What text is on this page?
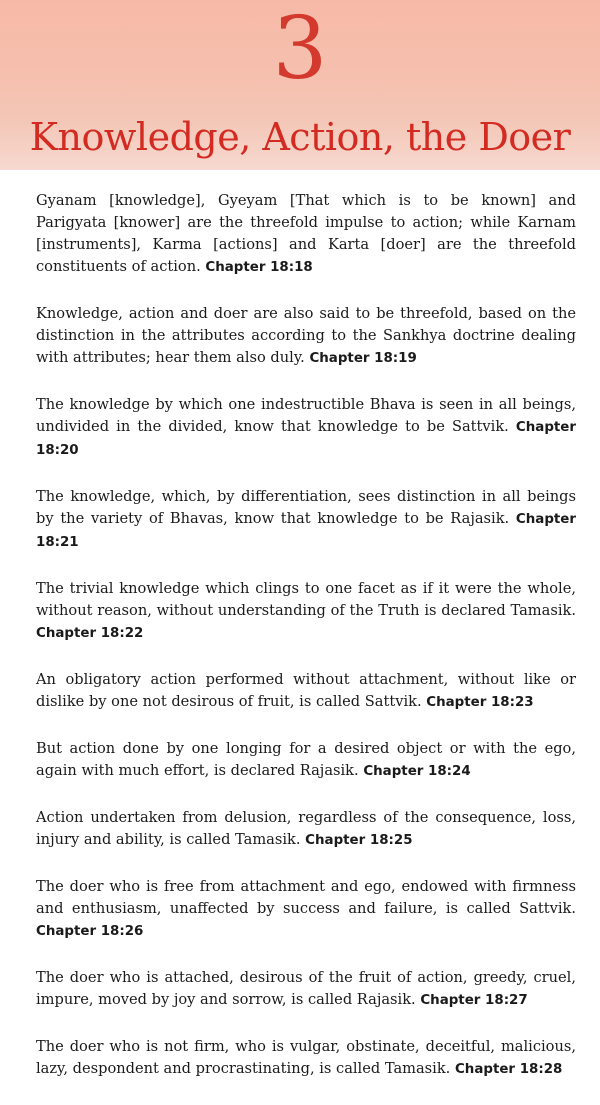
3
Knowledge, Action, the Doer

Gyanam [knowledge], Gyeyam [That which is to be known] and Parigyata [knower] are the threefold impulse to action; while Karnam [instruments], Karma [actions] and Karta [doer] are the threefold constituents of action. Chapter 18:18

Knowledge, action and doer are also said to be threefold, based on the distinction in the attributes according to the Sankhya doctrine dealing with attributes; hear them also duly. Chapter 18:19

The knowledge by which one indestructible Bhava is seen in all beings, undivided in the divided, know that knowledge to be Sattvik. Chapter 18:20

The knowledge, which, by differentiation, sees distinction in all beings by the variety of Bhavas, know that knowledge to be Rajasik. Chapter 18:21

The trivial knowledge which clings to one facet as if it were the whole, without reason, without understanding of the Truth is declared Tamasik. Chapter 18:22

An obligatory action performed without attachment, without like or dislike by one not desirous of fruit, is called Sattvik. Chapter 18:23

But action done by one longing for a desired object or with the ego, again with much effort, is declared Rajasik. Chapter 18:24

Action undertaken from delusion, regardless of the consequence, loss, injury and ability, is called Tamasik. Chapter 18:25

The doer who is free from attachment and ego, endowed with firmness and enthusiasm, unaffected by success and failure, is called Sattvik. Chapter 18:26

The doer who is attached, desirous of the fruit of action, greedy, cruel, impure, moved by joy and sorrow, is called Rajasik. Chapter 18:27

The doer who is not firm, who is vulgar, obstinate, deceitful, malicious, lazy, despondent and procrastinating, is called Tamasik. Chapter 18:28
